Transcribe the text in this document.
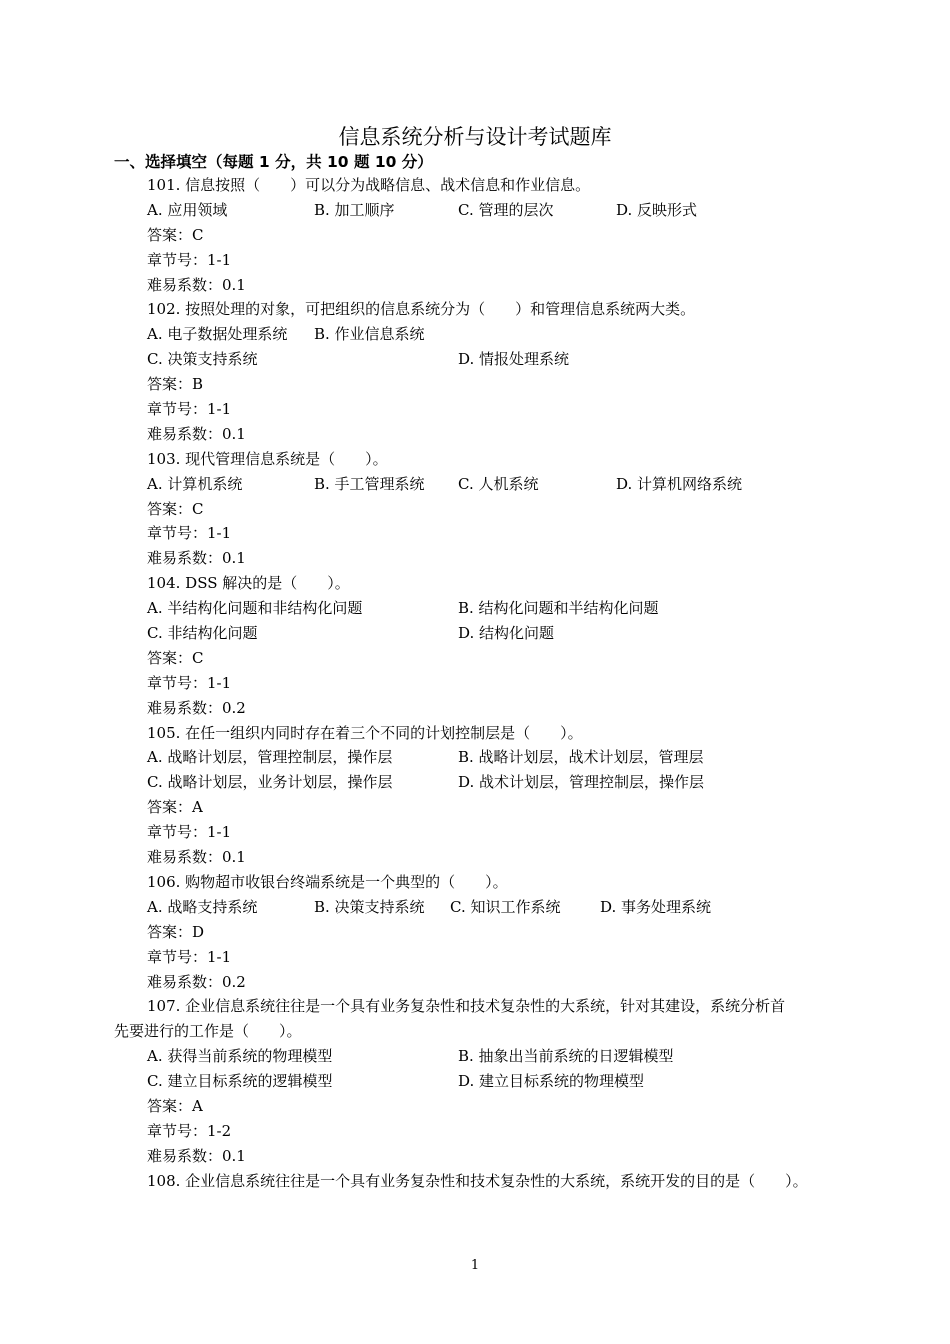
信息系统分析与设计考试题库
一、选择填空（每题 1 分，共 10 题 10 分）
101. 信息按照（　　）可以分为战略信息、战术信息和作业信息。
A. 应用领域	B. 加工顺序	C. 管理的层次	D. 反映形式
答案：C
章节号：1-1
难易系数：0.1
102. 按照处理的对象，可把组织的信息系统分为（　　）和管理信息系统两大类。
A. 电子数据处理系统 B. 作业信息系统
C. 决策支持系统	D. 情报处理系统
答案：B
章节号：1-1
难易系数：0.1
103. 现代管理信息系统是（　　）。
A. 计算机系统	B. 手工管理系统 C. 人机系统	D. 计算机网络系统
答案：C
章节号：1-1
难易系数：0.1
104. DSS 解决的是（　　）。
A. 半结构化问题和非结构化问题	B. 结构化问题和半结构化问题
C. 非结构化问题	D. 结构化问题
答案：C
章节号：1-1
难易系数：0.2
105. 在任一组织内同时存在着三个不同的计划控制层是（　　）。
A. 战略计划层，管理控制层，操作层	B. 战略计划层，战术计划层，管理层
C. 战略计划层，业务计划层，操作层	D. 战术计划层，管理控制层，操作层
答案：A
章节号：1-1
难易系数：0.1
106. 购物超市收银台终端系统是一个典型的（　　）。
A. 战略支持系统	B. 决策支持系统 C. 知识工作系统	D. 事务处理系统
答案：D
章节号：1-1
难易系数：0.2
107. 企业信息系统往往是一个具有业务复杂性和技术复杂性的大系统，针对其建设，系统分析首
先要进行的工作是（　　）。
A. 获得当前系统的物理模型	B. 抽象出当前系统的日逻辑模型
C. 建立目标系统的逻辑模型	D. 建立目标系统的物理模型
答案：A
章节号：1-2
难易系数：0.1
108. 企业信息系统往往是一个具有业务复杂性和技术复杂性的大系统，系统开发的目的是（　　）。
1
